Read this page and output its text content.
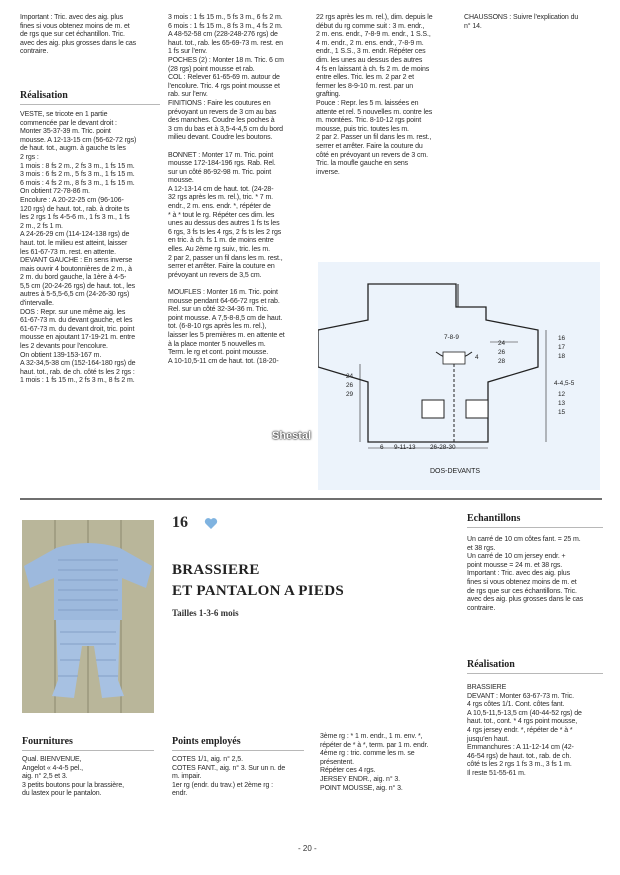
Important : Tric. avec des aig. plus
fines si vous obtenez moins de m. et
de rgs que sur cet échantillon. Tric.
avec des aig. plus grosses dans le cas
contraire.
Réalisation
VESTE, se tricote en 1 partie
commencée par le devant droit :
Monter 35-37-39 m. Tric. point
mousse. A 12-13-15 cm (56-62-72 rgs)
de haut. tot., augm. à gauche ts les
2 rgs :
1 mois : 8 fs 2 m., 2 fs 3 m., 1 fs 15 m.
3 mois : 6 fs 2 m., 5 fs 3 m., 1 fs 15 m.
6 mois : 4 fs 2 m., 8 fs 3 m., 1 fs 15 m.
On obtient 72-78-86 m.
Encolure : A 20-22-25 cm (96-106-
120 rgs) de haut. tot., rab. à droite ts
les 2 rgs 1 fs 4-5-6 m., 1 fs 3 m., 1 fs
2 m., 2 fs 1 m.
A 24-26-29 cm (114-124-138 rgs) de
haut. tot. le milieu est atteint, laisser
les 61-67-73 m. rest. en attente.
DEVANT GAUCHE : En sens inverse
mais ouvrir 4 boutonnières de 2 m., à
2 m. du bord gauche, la 1ère à 4-5-
5,5 cm (20-24-26 rgs) de haut. tot., les
autres à 5-5,5-6,5 cm (24-26-30 rgs)
d'intervalle.
DOS : Repr. sur une même aig. les
61-67-73 m. du devant gauche, et les
61-67-73 m. du devant droit, tric. point
mousse en ajoutant 17-19-21 m. entre
les 2 devants pour l'encolure.
On obtient 139-153-167 m.
A 32-34,5-38 cm (152-164-180 rgs) de
haut. tot., rab. de ch. côté ts les 2 rgs :
1 mois : 1 fs 15 m., 2 fs 3 m., 8 fs 2 m.
3 mois : 1 fs 15 m., 5 fs 3 m., 6 fs 2 m.
6 mois : 1 fs 15 m., 8 fs 3 m., 4 fs 2 m.
A 48-52-58 cm (228-248-276 rgs) de
haut. tot., rab. les 65-69-73 m. rest. en
1 fs sur l'env.
POCHES (2) : Monter 18 m. Tric. 6 cm
(28 rgs) point mousse et rab.
COL : Relever 61-65-69 m. autour de
l'encolure. Tric. 4 rgs point mousse et
rab. sur l'env.
FINITIONS : Faire les coutures en
prévoyant un revers de 3 cm au bas
des manches. Coudre les poches à
3 cm du bas et à 3,5-4-4,5 cm du bord
milieu devant. Coudre les boutons.

BONNET : Monter 17 m. Tric. point
mousse 172-184-196 rgs. Rab. Rel.
sur un côté 86-92-98 m. Tric. point
mousse.
A 12-13-14 cm de haut. tot. (24-28-
32 rgs après les m. rel.), tric. * 7 m.
endr., 2 m. ens. endr. *, répéter de
* à * tout le rg. Répéter ces dim. les
unes au dessus des autres 1 fs ts les
6 rgs, 3 fs ts les 4 rgs, 2 fs ts les 2 rgs
en tric. à ch. fs 1 m. de moins entre
elles. Au 2ème rg suiv., tric. les m.
2 par 2, passer un fil dans les m. rest.,
serrer et arrêter. Faire la couture en
prévoyant un revers de 3,5 cm.

MOUFLES : Monter 16 m. Tric. point
mousse pendant 64-66-72 rgs et rab.
Rel. sur un côté 32-34-36 m. Tric.
point mousse. A 7,5-8-8,5 cm de haut.
tot. (6-8-10 rgs après les m. rel.),
laisser les 5 premières m. en attente et
à la place monter 5 nouvelles m.
Term. le rg et cont. point mousse.
A 10-10,5-11 cm de haut. tot. (18-20-
22 rgs après les m. rel.), dim. depuis le
début du rg comme suit : 3 m. endr.,
2 m. ens. endr., 7-8-9 m. endr., 1 S.S.,
4 m. endr., 2 m. ens. endr., 7-8-9 m.
endr., 1 S.S., 3 m. endr. Répéter ces
dim. les unes au dessus des autres
4 fs en laissant à ch. fs 2 m. de moins
entre elles. Tric. les m. 2 par 2 et
fermer les 8-9-10 m. rest. par un
grafting.
Pouce : Repr. les 5 m. laissées en
attente et rel. 5 nouvelles m. contre les
m. montées. Tric. 8-10-12 rgs point
mousse, puis tric. toutes les m.
2 par 2. Passer un fil dans les m. rest.,
serrer et arrêter. Faire la couture du
côté en prévoyant un revers de 3 cm.
Tric. la moufle gauche en sens
inverse.
CHAUSSONS : Suivre l'explication du
n° 14.
7-8-9
4
24
26
29
24
26
28
16
17
18
4-4,5-5
12
13
15
6 9-11-13 26-28-30
DOS-DEVANTS
Shestal
16
BRASSIERE
ET PANTALON A PIEDS
Tailles 1-3-6 mois
Echantillons
Un carré de 10 cm côtes fant. = 25 m.
et 38 rgs.
Un carré de 10 cm jersey endr. +
point mousse = 24 m. et 38 rgs.
Important : Tric. avec des aig. plus
fines si vous obtenez moins de m. et
de rgs que sur ces échantillons. Tric.
avec des aig. plus grosses dans le cas
contraire.
Réalisation
BRASSIERE
DEVANT : Monter 63-67-73 m. Tric.
4 rgs côtes 1/1. Cont. côtes fant.
A 10,5-11,5-13,5 cm (40-44-52 rgs) de
haut. tot., cont. * 4 rgs point mousse,
4 rgs jersey endr. *, répéter de * à *
jusqu'en haut.
Emmanchures : A 11-12-14 cm (42-
46-54 rgs) de haut. tot., rab. de ch.
côté ts les 2 rgs 1 fs 3 m., 3 fs 1 m.
Il reste 51-55-61 m.
Fournitures
Qual. BIENVENUE,
Angelot « 4-4-5 pel.,
aig. n° 2,5 et 3.
3 petits boutons pour la brassière,
du lastex pour le pantalon.
Points employés
COTES 1/1, aig. n° 2,5.
COTES FANT., aig. n° 3. Sur un n. de
m. impair.
1er rg (endr. du trav.) et 2ème rg :
endr.
3ème rg : * 1 m. endr., 1 m. env. *,
répéter de * à *, term. par 1 m. endr.
4ème rg : tric. comme les m. se
présentent.
Répéter ces 4 rgs.
JERSEY ENDR., aig. n° 3.
POINT MOUSSE, aig. n° 3.
- 20 -
